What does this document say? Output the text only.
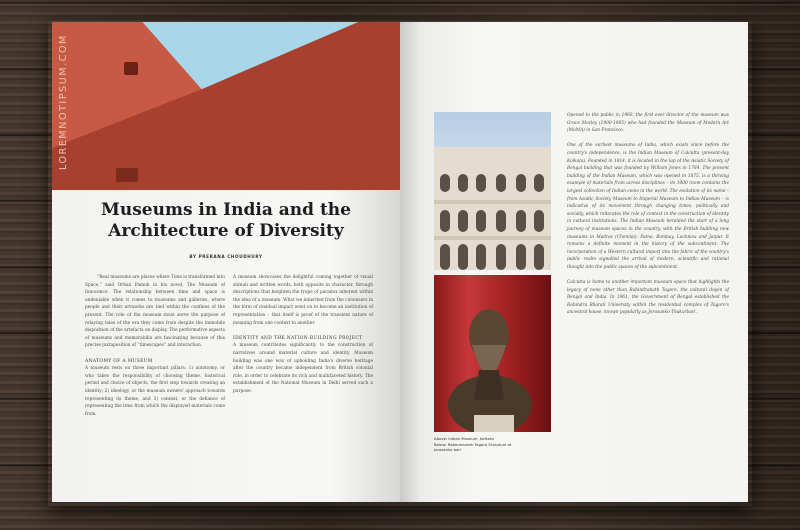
LOREMNOTIPSUM.COM
Museums in India and the
Architecture of Diversity
BY PRERANA CHOUDHURY

“Real museums are places where Time is transformed into Space,” said Orhan Pamuk in his novel, The Museum of Innocence. The relationship between time and space is undeniable when it comes to museums and galleries, where people and their artworks are tied within the confines of the present. The role of the museum must serve the purpose of relaying tales of the era they come from despite the immobile disposition of the artefacts on display. The performative aspects of museums and memorabilia are fascinating because of this precise juxtaposition of “timescapes” and interaction.

ANATOMY OF A MUSEUM

A museum rests on three important pillars: 1) autonomy, or who takes the responsibility of choosing theme, historical period and choice of objects, the first step towards creating an identity; 2) ideology, or the museum owners' approach towards representing its theme, and 3) context, or the defiance of representing the time from which the displayed materials come from.

A museum showcases the delightful coming together of visual stimuli and written words, both opposite in character, through descriptions that heighten the trope of paradox inherent within the idea of a museum. What we inherited from the colonisers in the form of residual impact went on to become an institution of representation – that itself is proof of the transient nature of meaning from one context to another.

IDENTITY AND THE NATION-BUILDING PROJECT

A museum contributes significantly to the construction of narratives around material culture and identity. Museum building was one way of upholding India's diverse heritage after the country became independent from British colonial rule, in order to celebrate its rich and multifaceted history. The establishment of the National Museum in Delhi served such a purpose.

Above: Indian Museum, Kolkata
Below: Rabindranath Tagore Sculpture at Jorasanko bari

Opened to the public in 1960, the first ever director of the museum was Grace Morley (1900-1985) who had founded the Museum of Modern Art (MoMA) in San Francisco.

One of the earliest museums of India, which exists since before the country's independence, is the Indian Museum of Calcutta (present-day Kolkata). Founded in 1814, it is located in the lap of the Asiatic Society of Bengal building that was founded by William Jones in 1784. The present building of the Indian Museum, which was opened in 1875, is a thriving example of materials from across disciplines – its 1000 room contains the largest collection of Indian coins in the world. The evolution of its name – from Asiatic Society Museum to Imperial Museum to Indian Museum – is indicative of its movement through changing times, politically and socially, which reiterates the role of context in the construction of identity in cultural institutions. The Indian Museum heralded the start of a long journey of museum spaces in the country, with the British building new museums in Madras (Chennai), Patna, Bombay, Lucknow and Jaipur. It remains a definite moment in the history of the subcontinent. The incorporation of a Western cultural import into the fabric of the country's public realm signalled the arrival of modern, scientific and rational thought into the public spaces of the subcontinent.

Calcutta is home to another important museum space that highlights the legacy of none other than Rabindranath Tagore, the cultural doyen of Bengal and India. In 1961, the Government of Bengal established the Rabindra Bharati University within the residential complex of Tagore's ancestral house, known popularly as Jorasanko Thakurbari.
